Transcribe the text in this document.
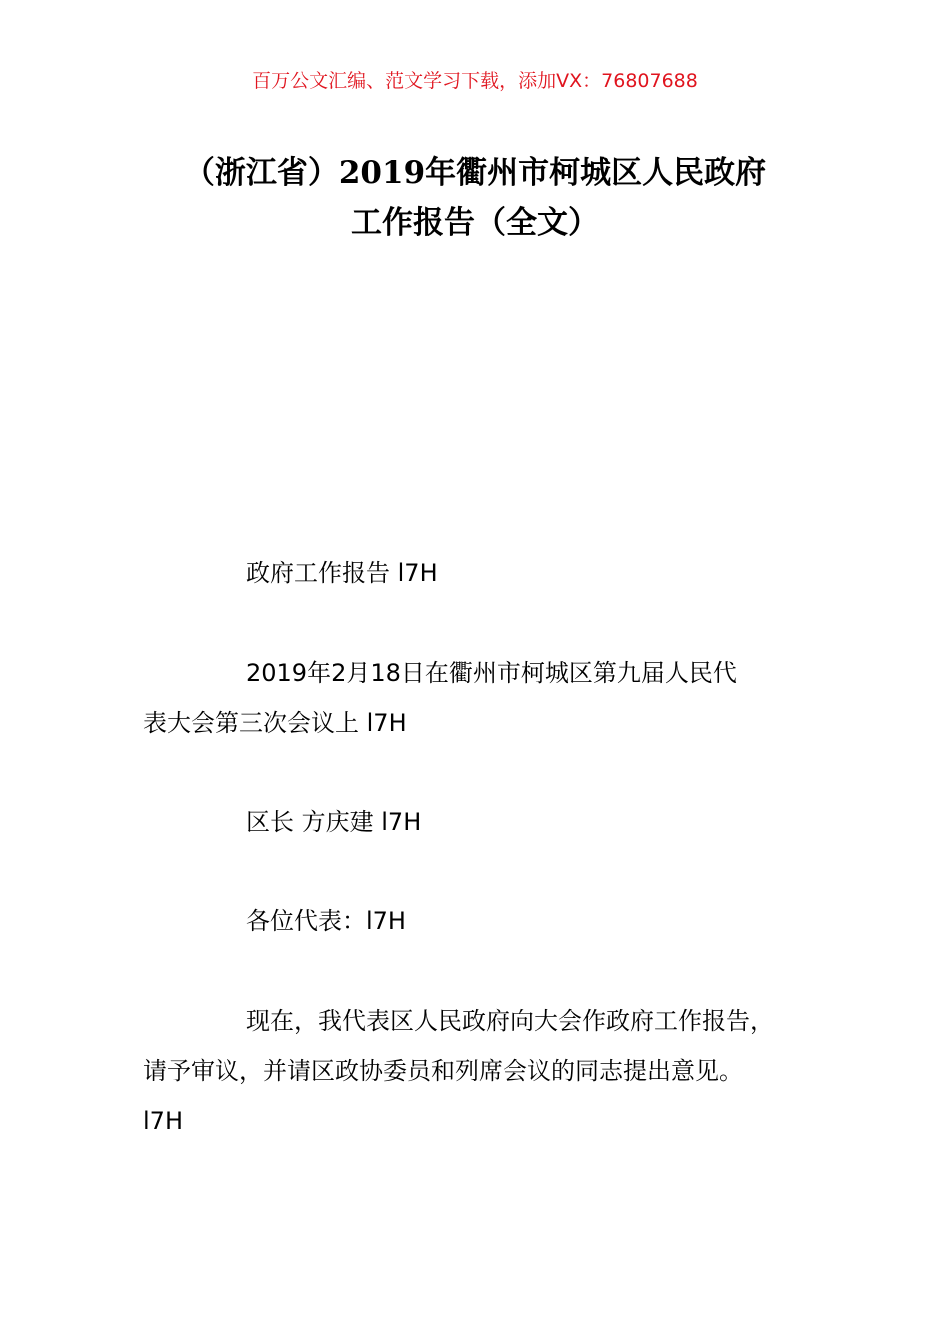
百万公文汇编、范文学习下载，添加VX：76807688
（浙江省）2019年衢州市柯城区人民政府
工作报告（全文）
政府工作报告 l7H
2019年2月18日在衢州市柯城区第九届人民代
表大会第三次会议上 l7H
区长 方庆建 l7H
各位代表：l7H
现在，我代表区人民政府向大会作政府工作报告，
请予审议，并请区政协委员和列席会议的同志提出意见。
l7H
